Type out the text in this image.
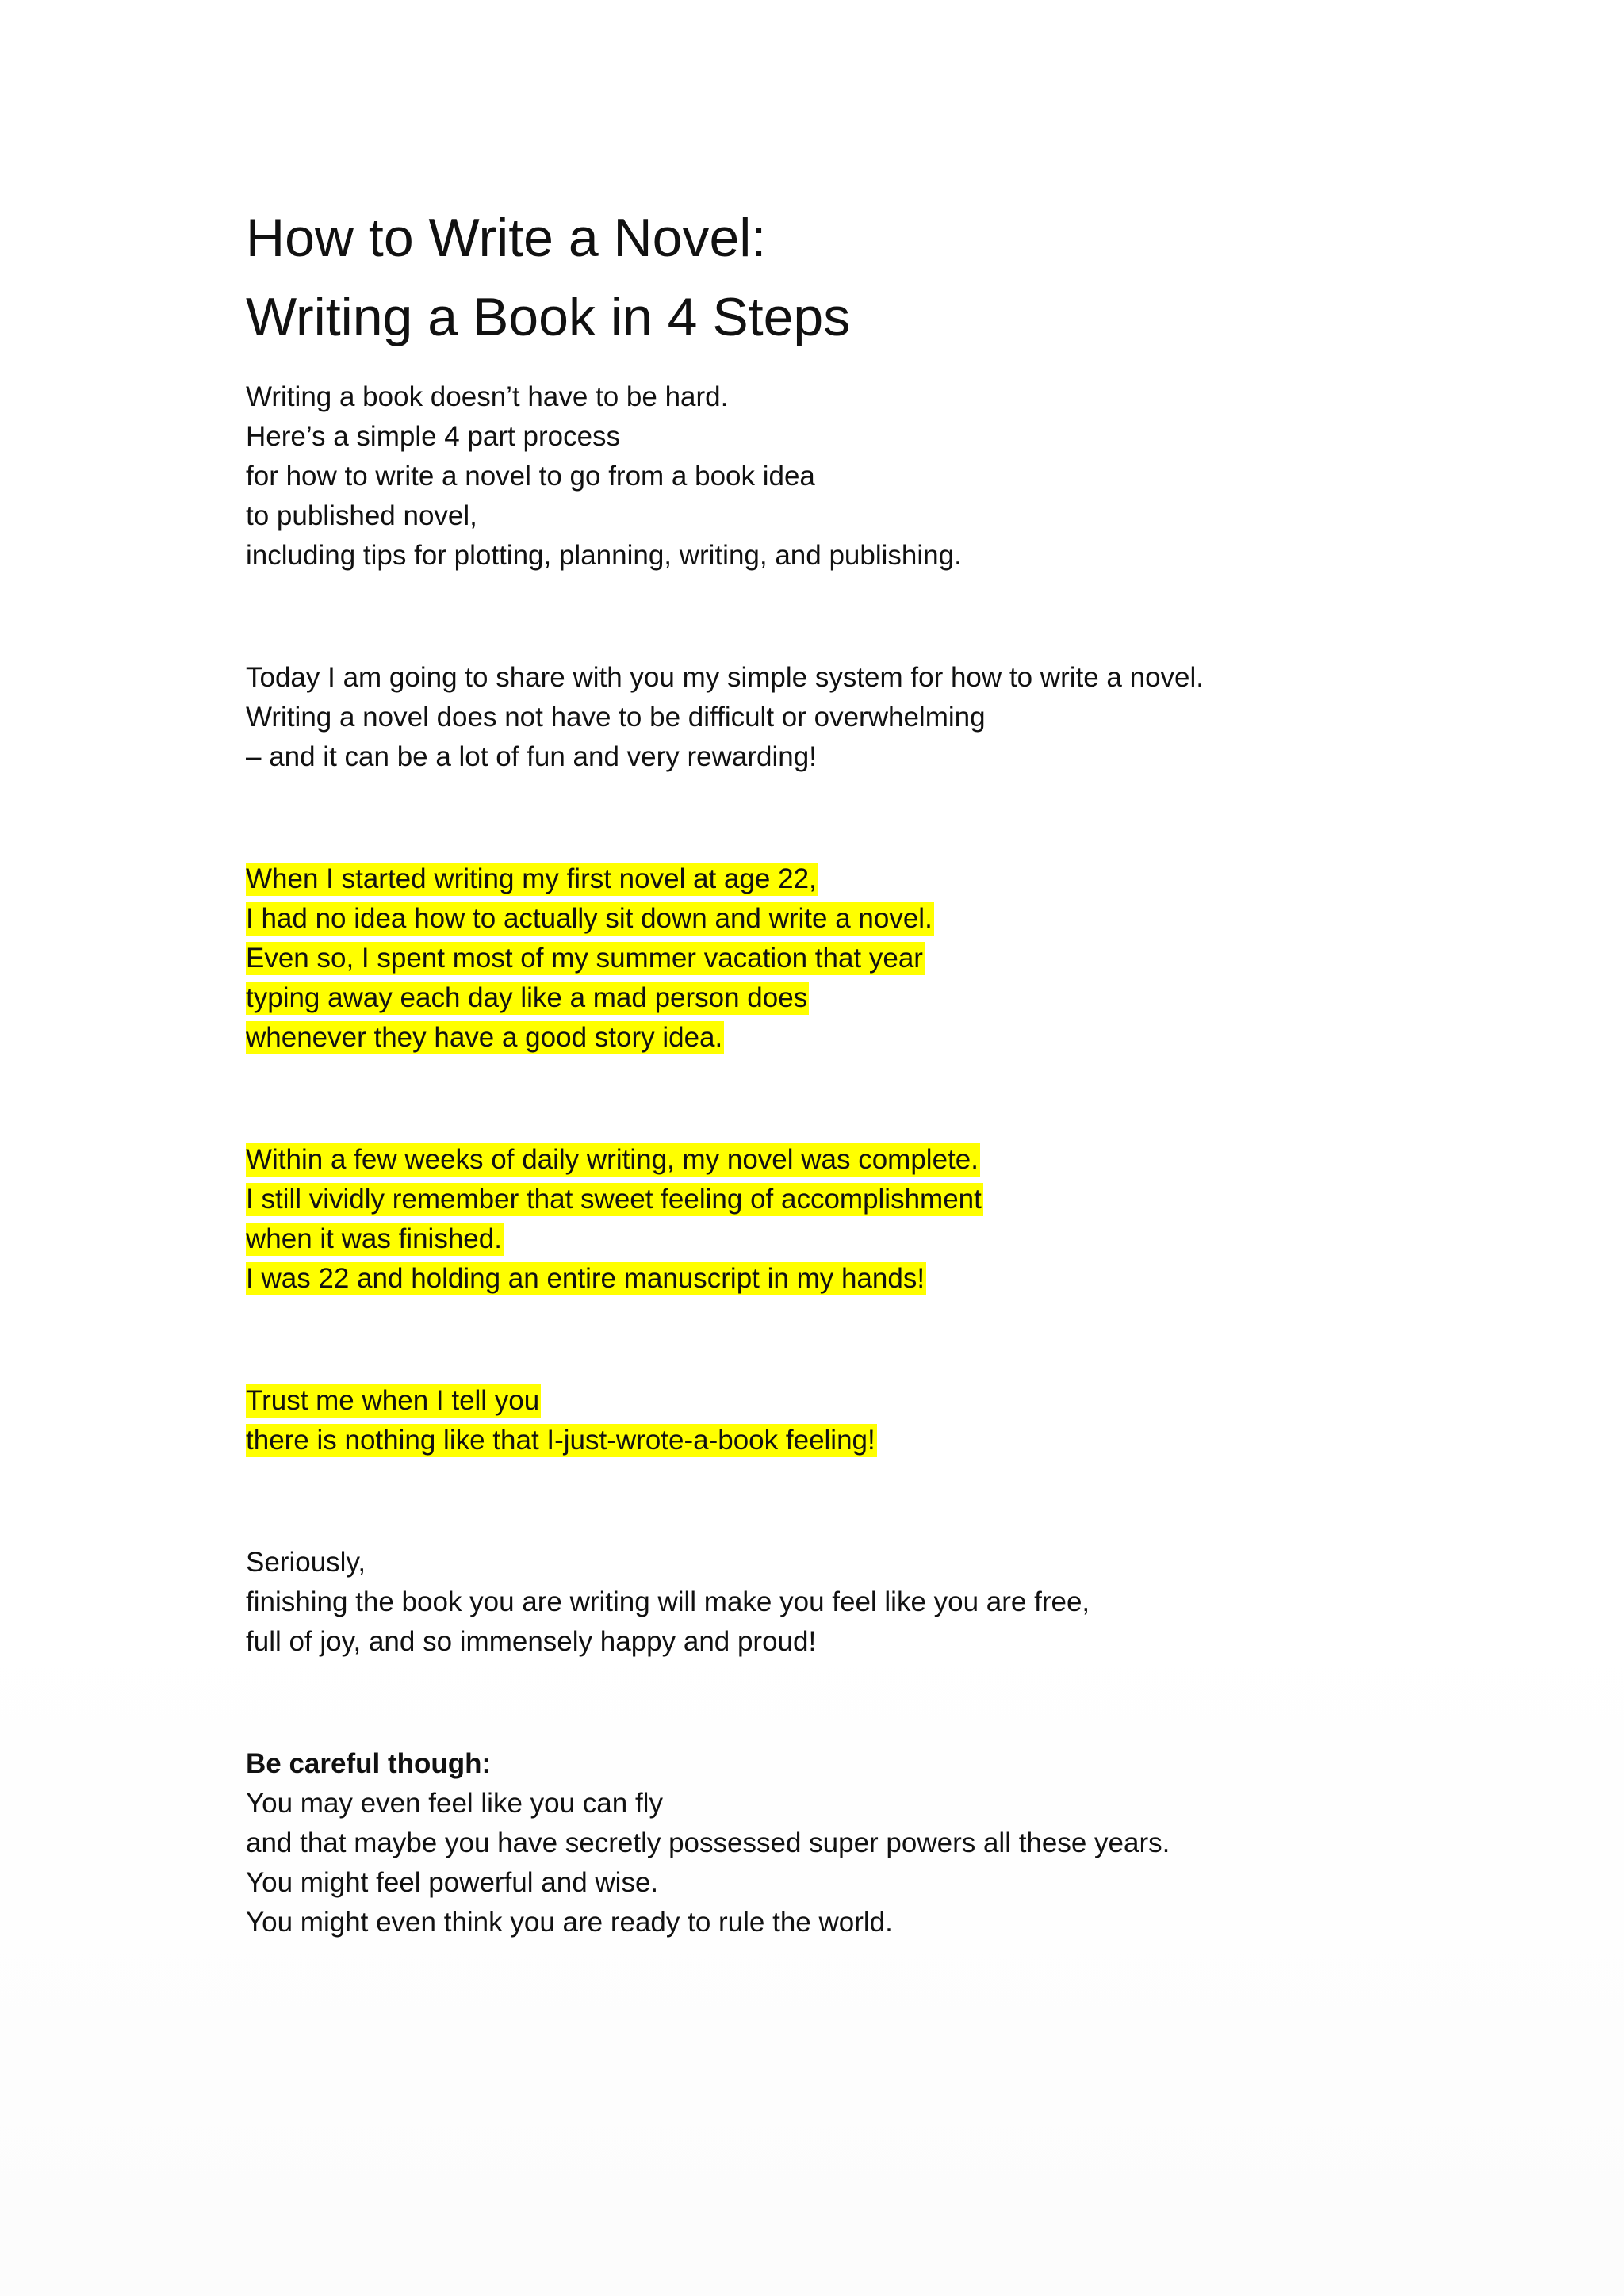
How to Write a Novel:
Writing a Book in 4 Steps
Writing a book doesn’t have to be hard.
Here’s a simple 4 part process
for how to write a novel to go from a book idea
to published novel,
including tips for plotting, planning, writing, and publishing.
Today I am going to share with you my simple system for how to write a novel.
Writing a novel does not have to be difficult or overwhelming
– and it can be a lot of fun and very rewarding!
When I started writing my first novel at age 22,
I had no idea how to actually sit down and write a novel.
Even so, I spent most of my summer vacation that year
typing away each day like a mad person does
whenever they have a good story idea.
Within a few weeks of daily writing, my novel was complete.
I still vividly remember that sweet feeling of accomplishment
when it was finished.
I was 22 and holding an entire manuscript in my hands!
Trust me when I tell you
there is nothing like that I-just-wrote-a-book feeling!
Seriously,
finishing the book you are writing will make you feel like you are free,
full of joy, and so immensely happy and proud!
Be careful though:
You may even feel like you can fly
and that maybe you have secretly possessed super powers all these years.
You might feel powerful and wise.
You might even think you are ready to rule the world.
